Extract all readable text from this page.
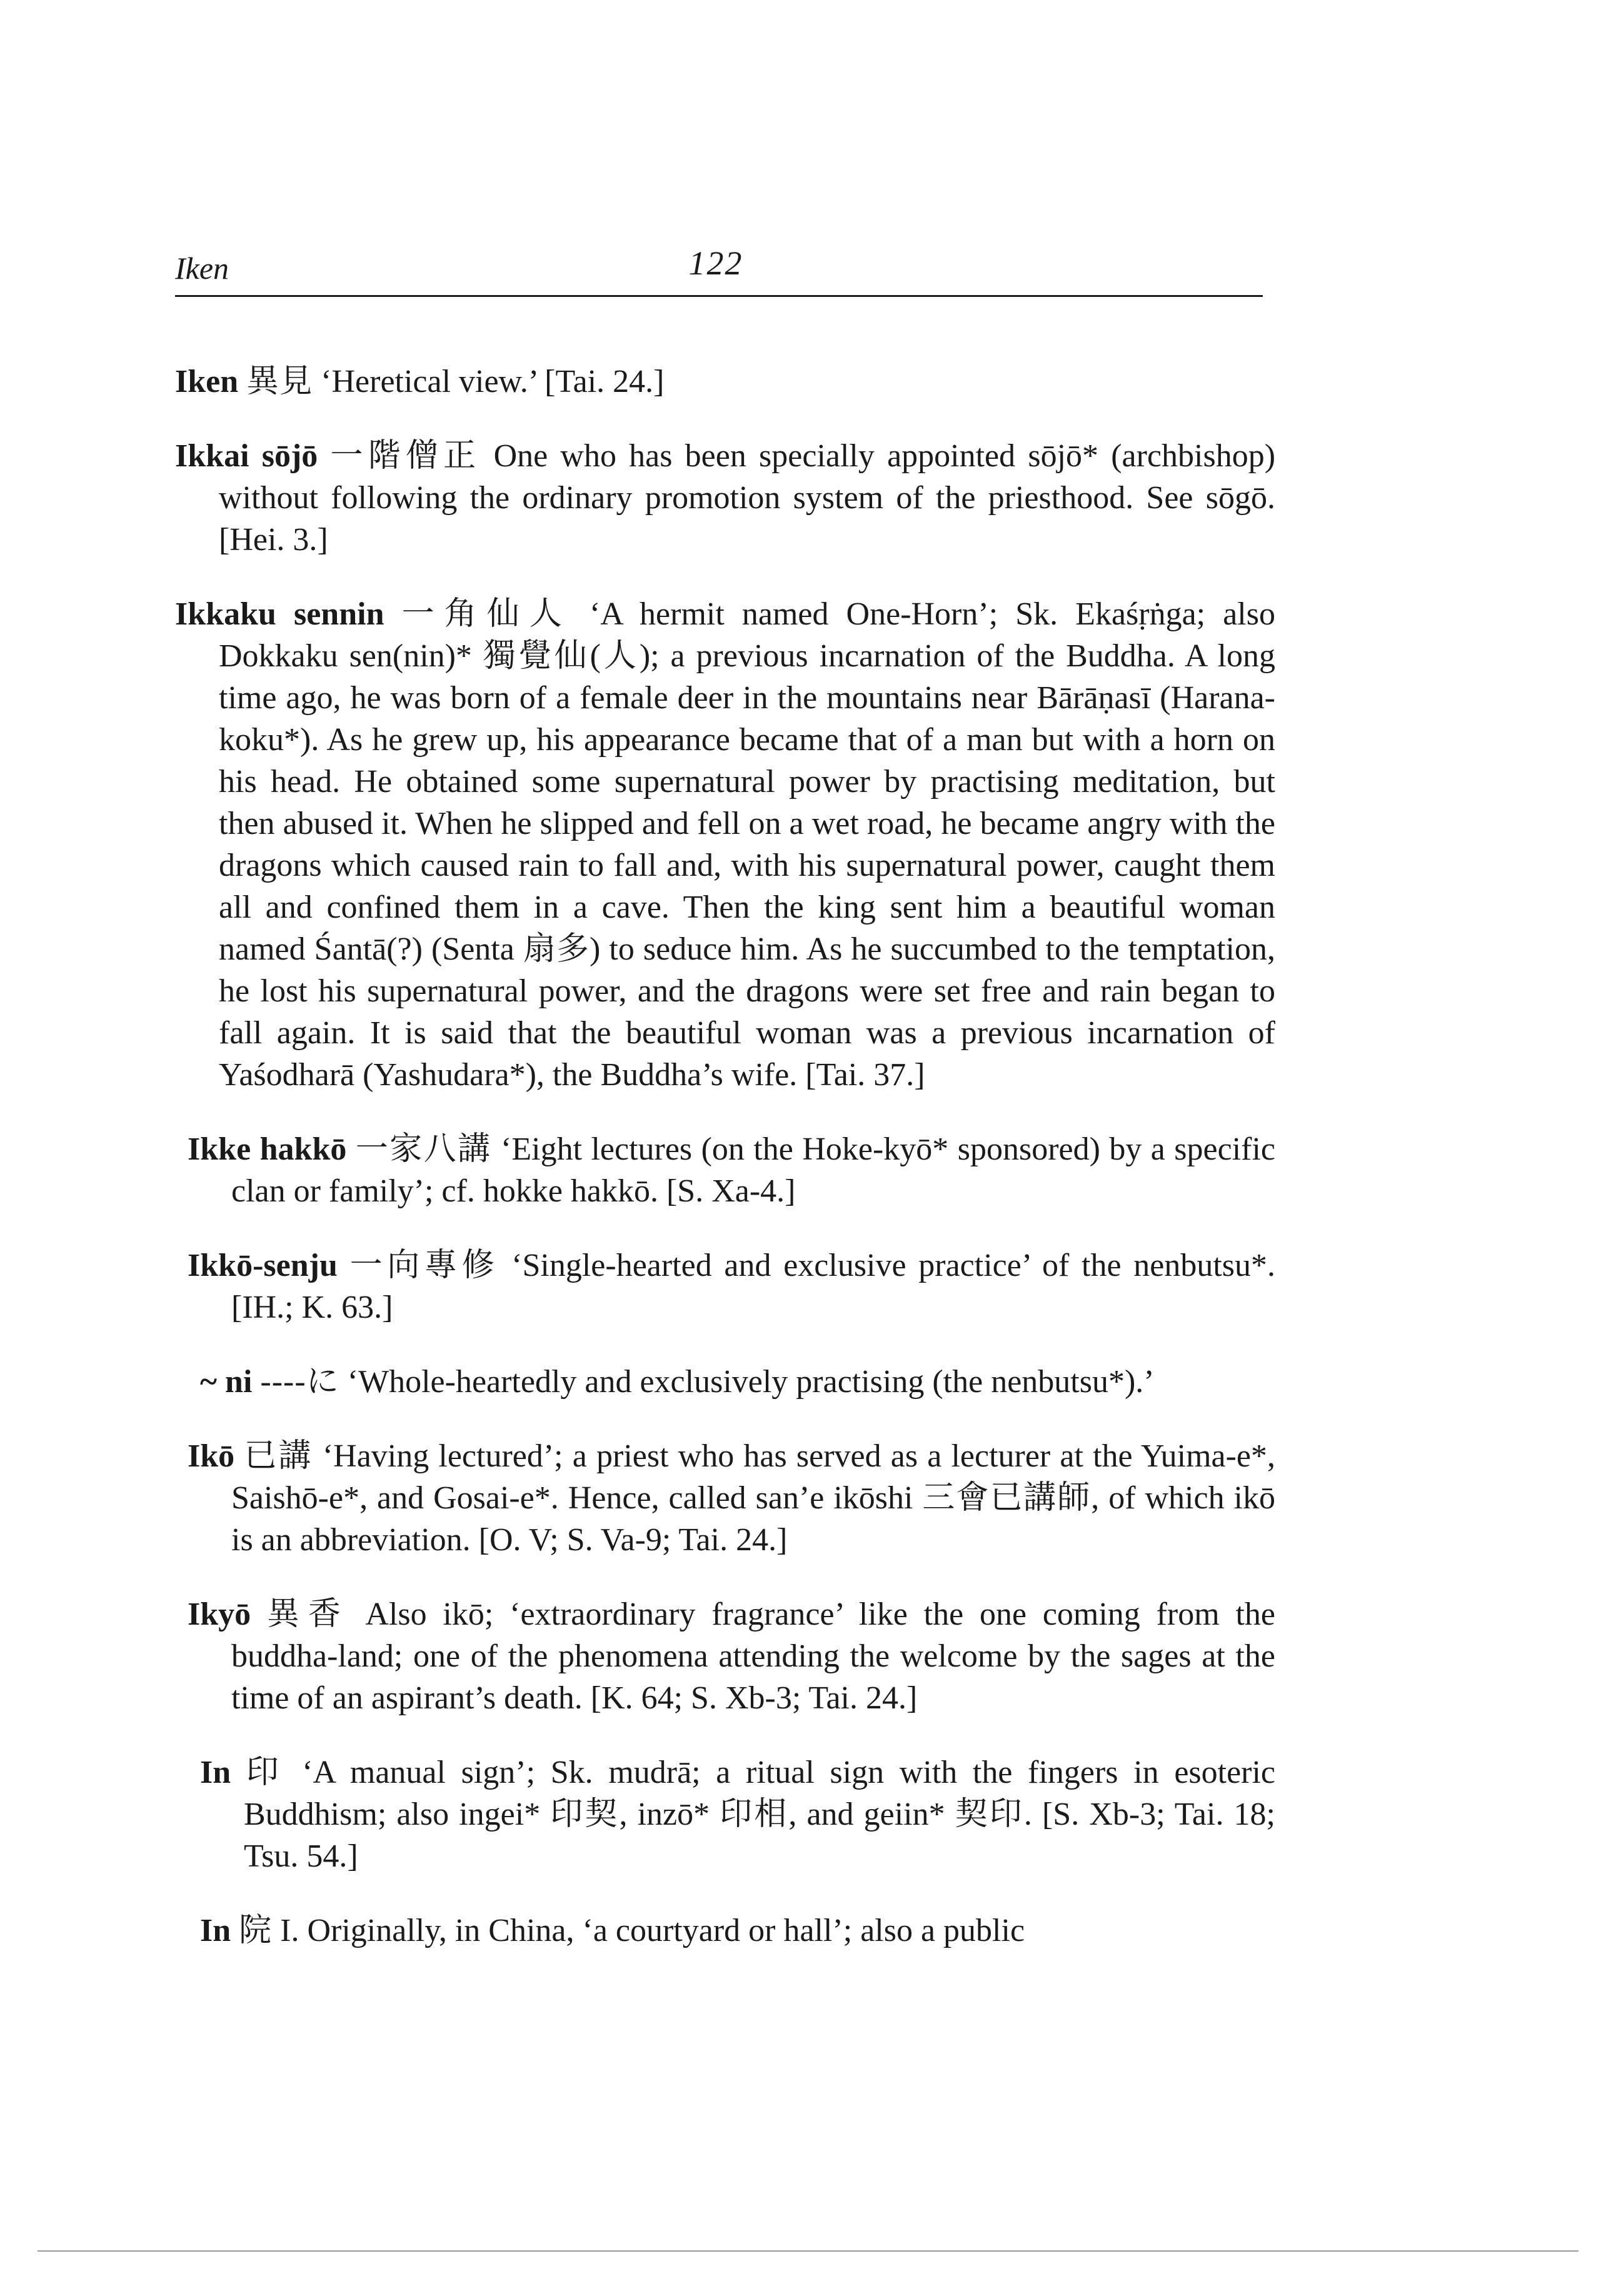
Iken	122

Iken 異見 ‘Heretical view.’ [Tai. 24.]

Ikkai sōjō 一階僧正 One who has been specially appointed sōjō* (archbishop) without following the ordinary promotion system of the priesthood. See sōgō. [Hei. 3.]

Ikkaku sennin 一角仙人 ‘A hermit named One-Horn’; Sk. Ekaśṛṅga; also Dokkaku sen(nin)* 獨覺仙(人); a previous incarnation of the Buddha. A long time ago, he was born of a female deer in the mountains near Bārāṇasī (Harana-koku*). As he grew up, his appearance became that of a man but with a horn on his head. He obtained some supernatural power by practising meditation, but then abused it. When he slipped and fell on a wet road, he became angry with the dragons which caused rain to fall and, with his supernatural power, caught them all and confined them in a cave. Then the king sent him a beautiful woman named Śantā(?) (Senta 扇多) to seduce him. As he succumbed to the temptation, he lost his supernatural power, and the dragons were set free and rain began to fall again. It is said that the beautiful woman was a previous incarnation of Yaśodharā (Yashudara*), the Buddha’s wife. [Tai. 37.]

Ikke hakkō 一家八講 ‘Eight lectures (on the Hoke-kyō* sponsored) by a specific clan or family’; cf. hokke hakkō. [S. Xa-4.]

Ikkō-senju 一向專修 ‘Single-hearted and exclusive practice’ of the nenbutsu*. [IH.; K. 63.]

~ ni ----に ‘Whole-heartedly and exclusively practising (the nenbutsu*).’

Ikō 已講 ‘Having lectured’; a priest who has served as a lecturer at the Yuima-e*, Saishō-e*, and Gosai-e*. Hence, called san’e ikōshi 三會已講師, of which ikō is an abbreviation. [O. V; S. Va-9; Tai. 24.]

Ikyō 異香 Also ikō; ‘extraordinary fragrance’ like the one coming from the buddha-land; one of the phenomena attending the welcome by the sages at the time of an aspirant’s death. [K. 64; S. Xb-3; Tai. 24.]

In 印 ‘A manual sign’; Sk. mudrā; a ritual sign with the fingers in esoteric Buddhism; also ingei* 印契, inzō* 印相, and geiin* 契印. [S. Xb-3; Tai. 18; Tsu. 54.]

In 院 I. Originally, in China, ‘a courtyard or hall’; also a public
